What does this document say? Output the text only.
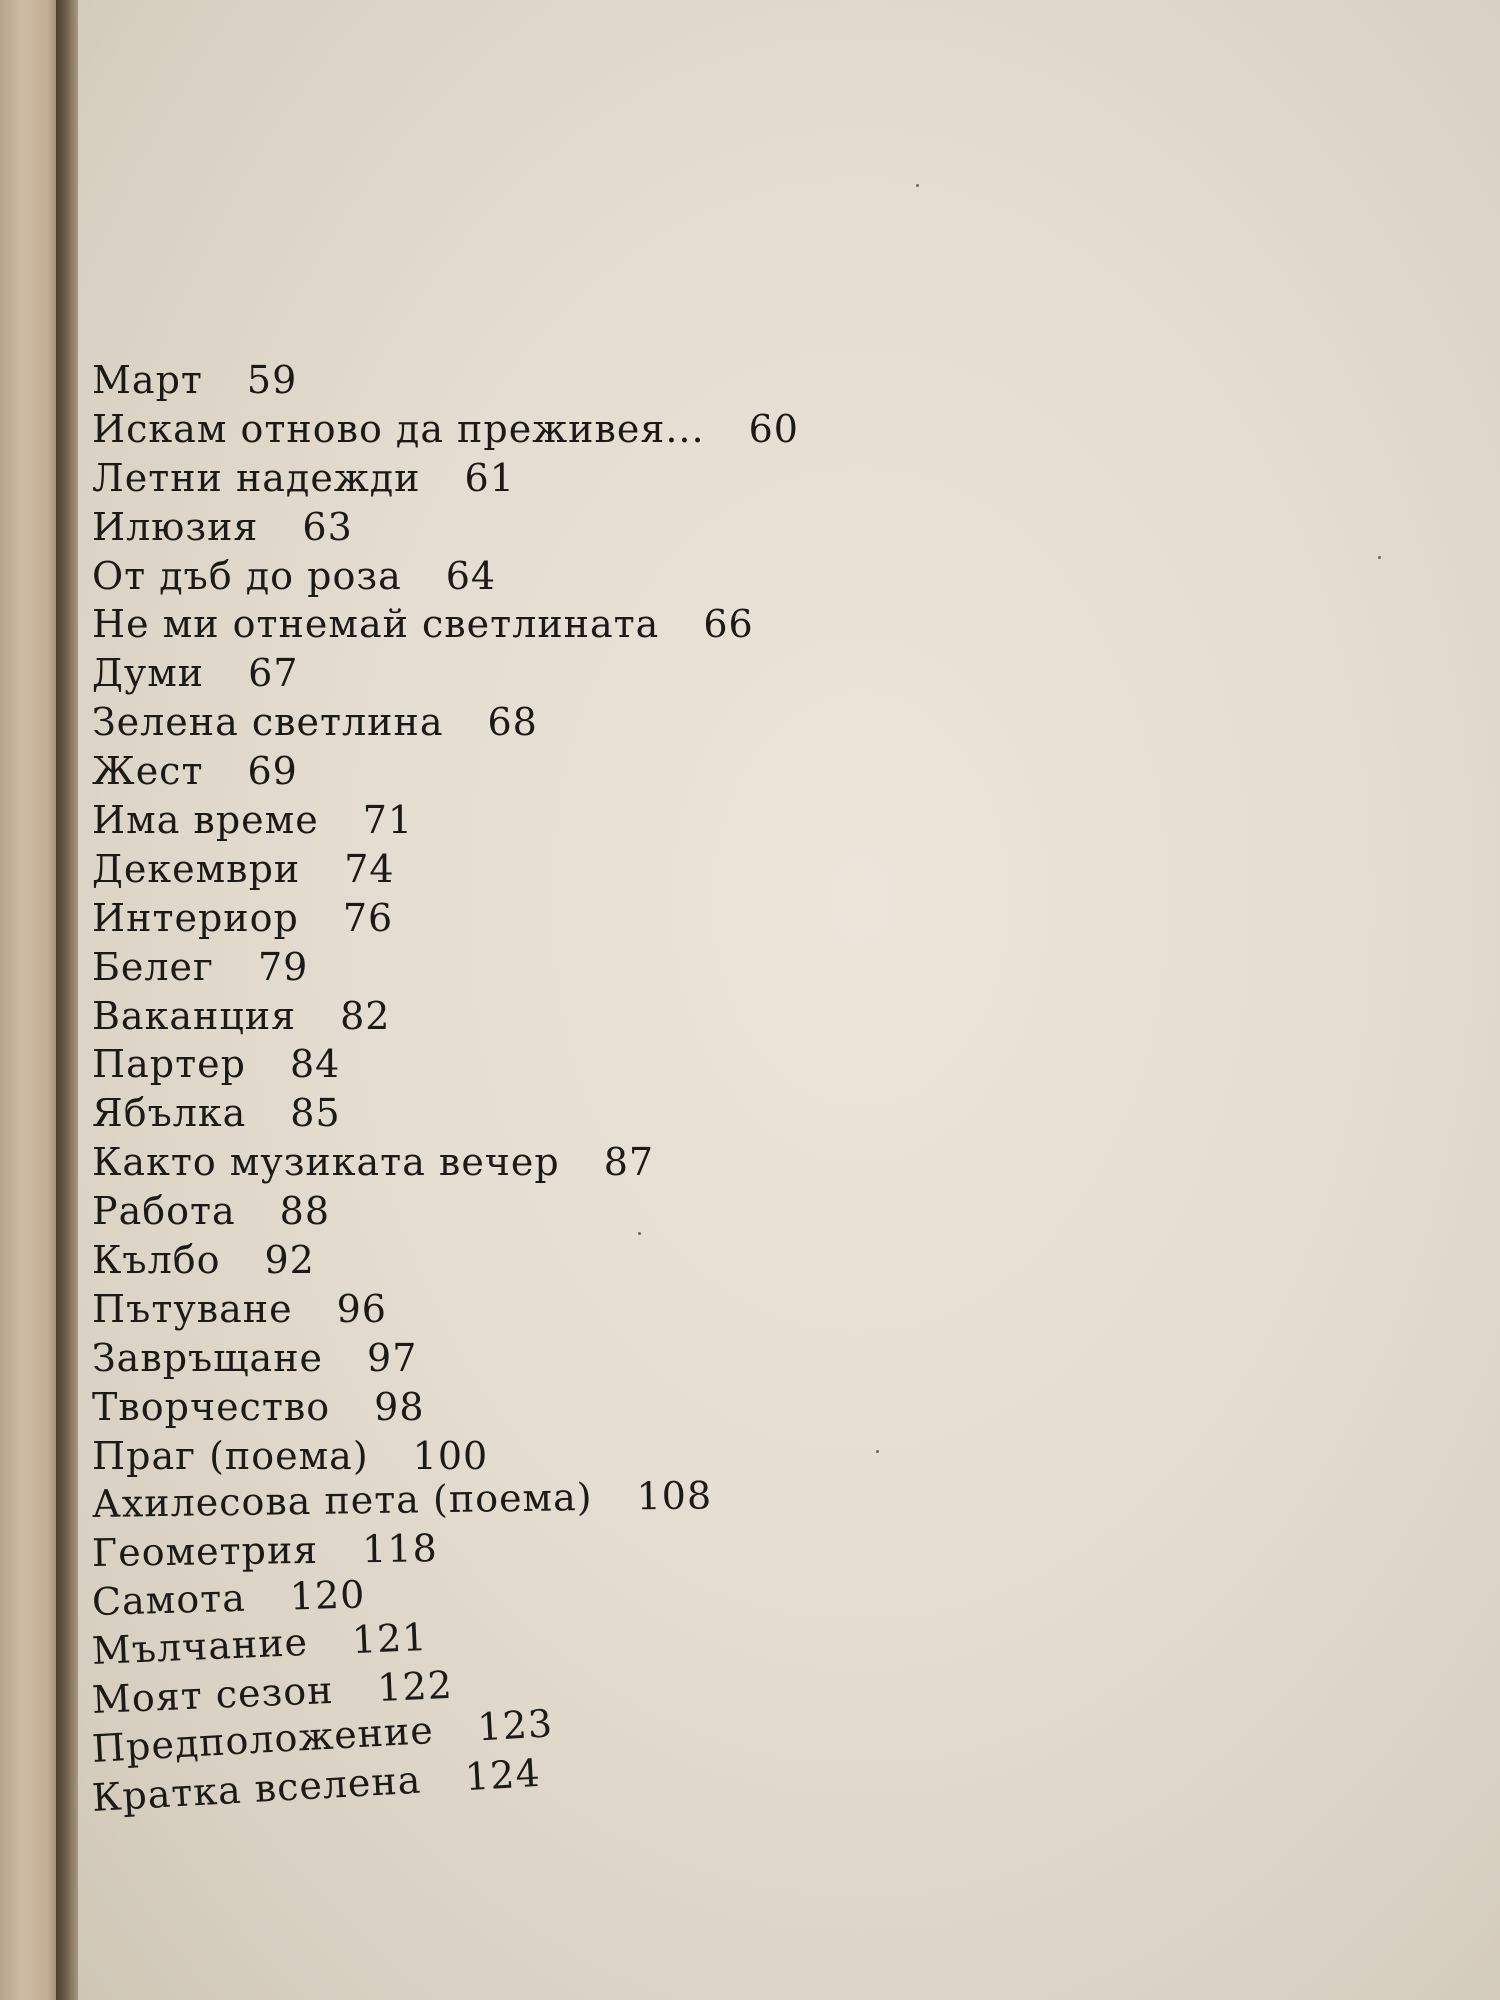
Март 59
Искам отново да преживея... 60
Летни надежди 61
Илюзия 63
От дъб до роза 64
Не ми отнемай светлината 66
Думи 67
Зелена светлина 68
Жест 69
Има време 71
Декември 74
Интериор 76
Белег 79
Ваканция 82
Партер 84
Ябълка 85
Както музиката вечер 87
Работа 88
Кълбо 92
Пътуване 96
Завръщане 97
Творчество 98
Праг (поема) 100
Ахилесова пета (поема) 108
Геометрия 118
Самота 120
Мълчание 121
Моят сезон 122
Предположение 123
Кратка вселена 124
